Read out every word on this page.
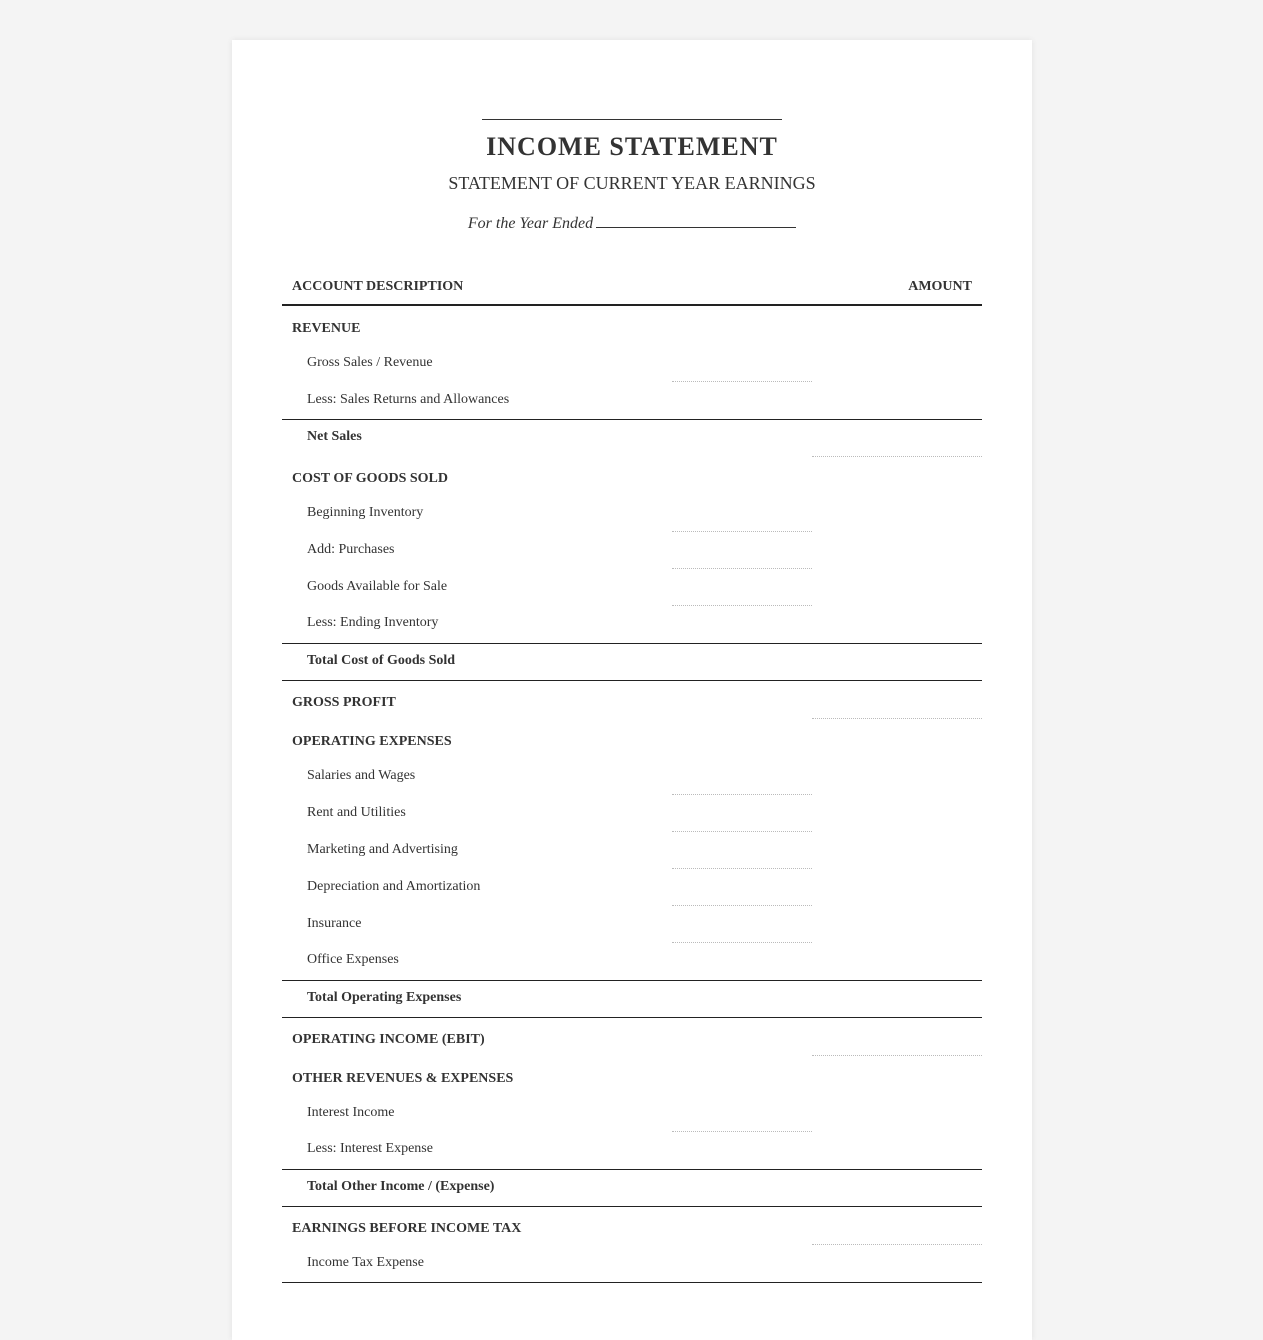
INCOME STATEMENT
STATEMENT OF CURRENT YEAR EARNINGS
For the Year Ended
ACCOUNT DESCRIPTION	AMOUNT
REVENUE
Gross Sales / Revenue
Less: Sales Returns and Allowances
Net Sales
COST OF GOODS SOLD
Beginning Inventory
Add: Purchases
Goods Available for Sale
Less: Ending Inventory
Total Cost of Goods Sold
GROSS PROFIT
OPERATING EXPENSES
Salaries and Wages
Rent and Utilities
Marketing and Advertising
Depreciation and Amortization
Insurance
Office Expenses
Total Operating Expenses
OPERATING INCOME (EBIT)
OTHER REVENUES & EXPENSES
Interest Income
Less: Interest Expense
Total Other Income / (Expense)
EARNINGS BEFORE INCOME TAX
Income Tax Expense
